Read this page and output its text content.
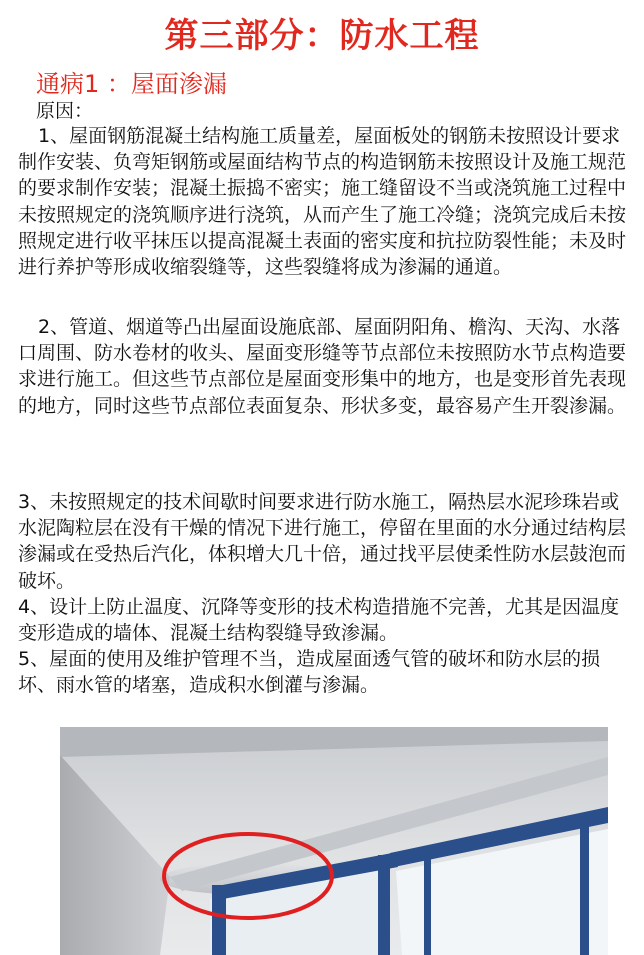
第三部分：防水工程
通病1 ：屋面渗漏
原因：
1、屋面钢筋混凝土结构施工质量差，屋面板处的钢筋未按照设计要求制作安装、负弯矩钢筋或屋面结构节点的构造钢筋未按照设计及施工规范的要求制作安装；混凝土振捣不密实；施工缝留设不当或浇筑施工过程中未按照规定的浇筑顺序进行浇筑，从而产生了施工冷缝；浇筑完成后未按照规定进行收平抹压以提高混凝土表面的密实度和抗拉防裂性能；未及时进行养护等形成收缩裂缝等，这些裂缝将成为渗漏的通道。
2、管道、烟道等凸出屋面设施底部、屋面阴阳角、檐沟、天沟、水落口周围、防水卷材的收头、屋面变形缝等节点部位未按照防水节点构造要求进行施工。但这些节点部位是屋面变形集中的地方，也是变形首先表现的地方，同时这些节点部位表面复杂、形状多变，最容易产生开裂渗漏。
3、未按照规定的技术间歇时间要求进行防水施工，隔热层水泥珍珠岩或水泥陶粒层在没有干燥的情况下进行施工，停留在里面的水分通过结构层渗漏或在受热后汽化，体积增大几十倍，通过找平层使柔性防水层鼓泡而破坏。
4、设计上防止温度、沉降等变形的技术构造措施不完善，尤其是因温度变形造成的墙体、混凝土结构裂缝导致渗漏。
5、屋面的使用及维护管理不当，造成屋面透气管的破坏和防水层的损坏、雨水管的堵塞，造成积水倒灌与渗漏。
